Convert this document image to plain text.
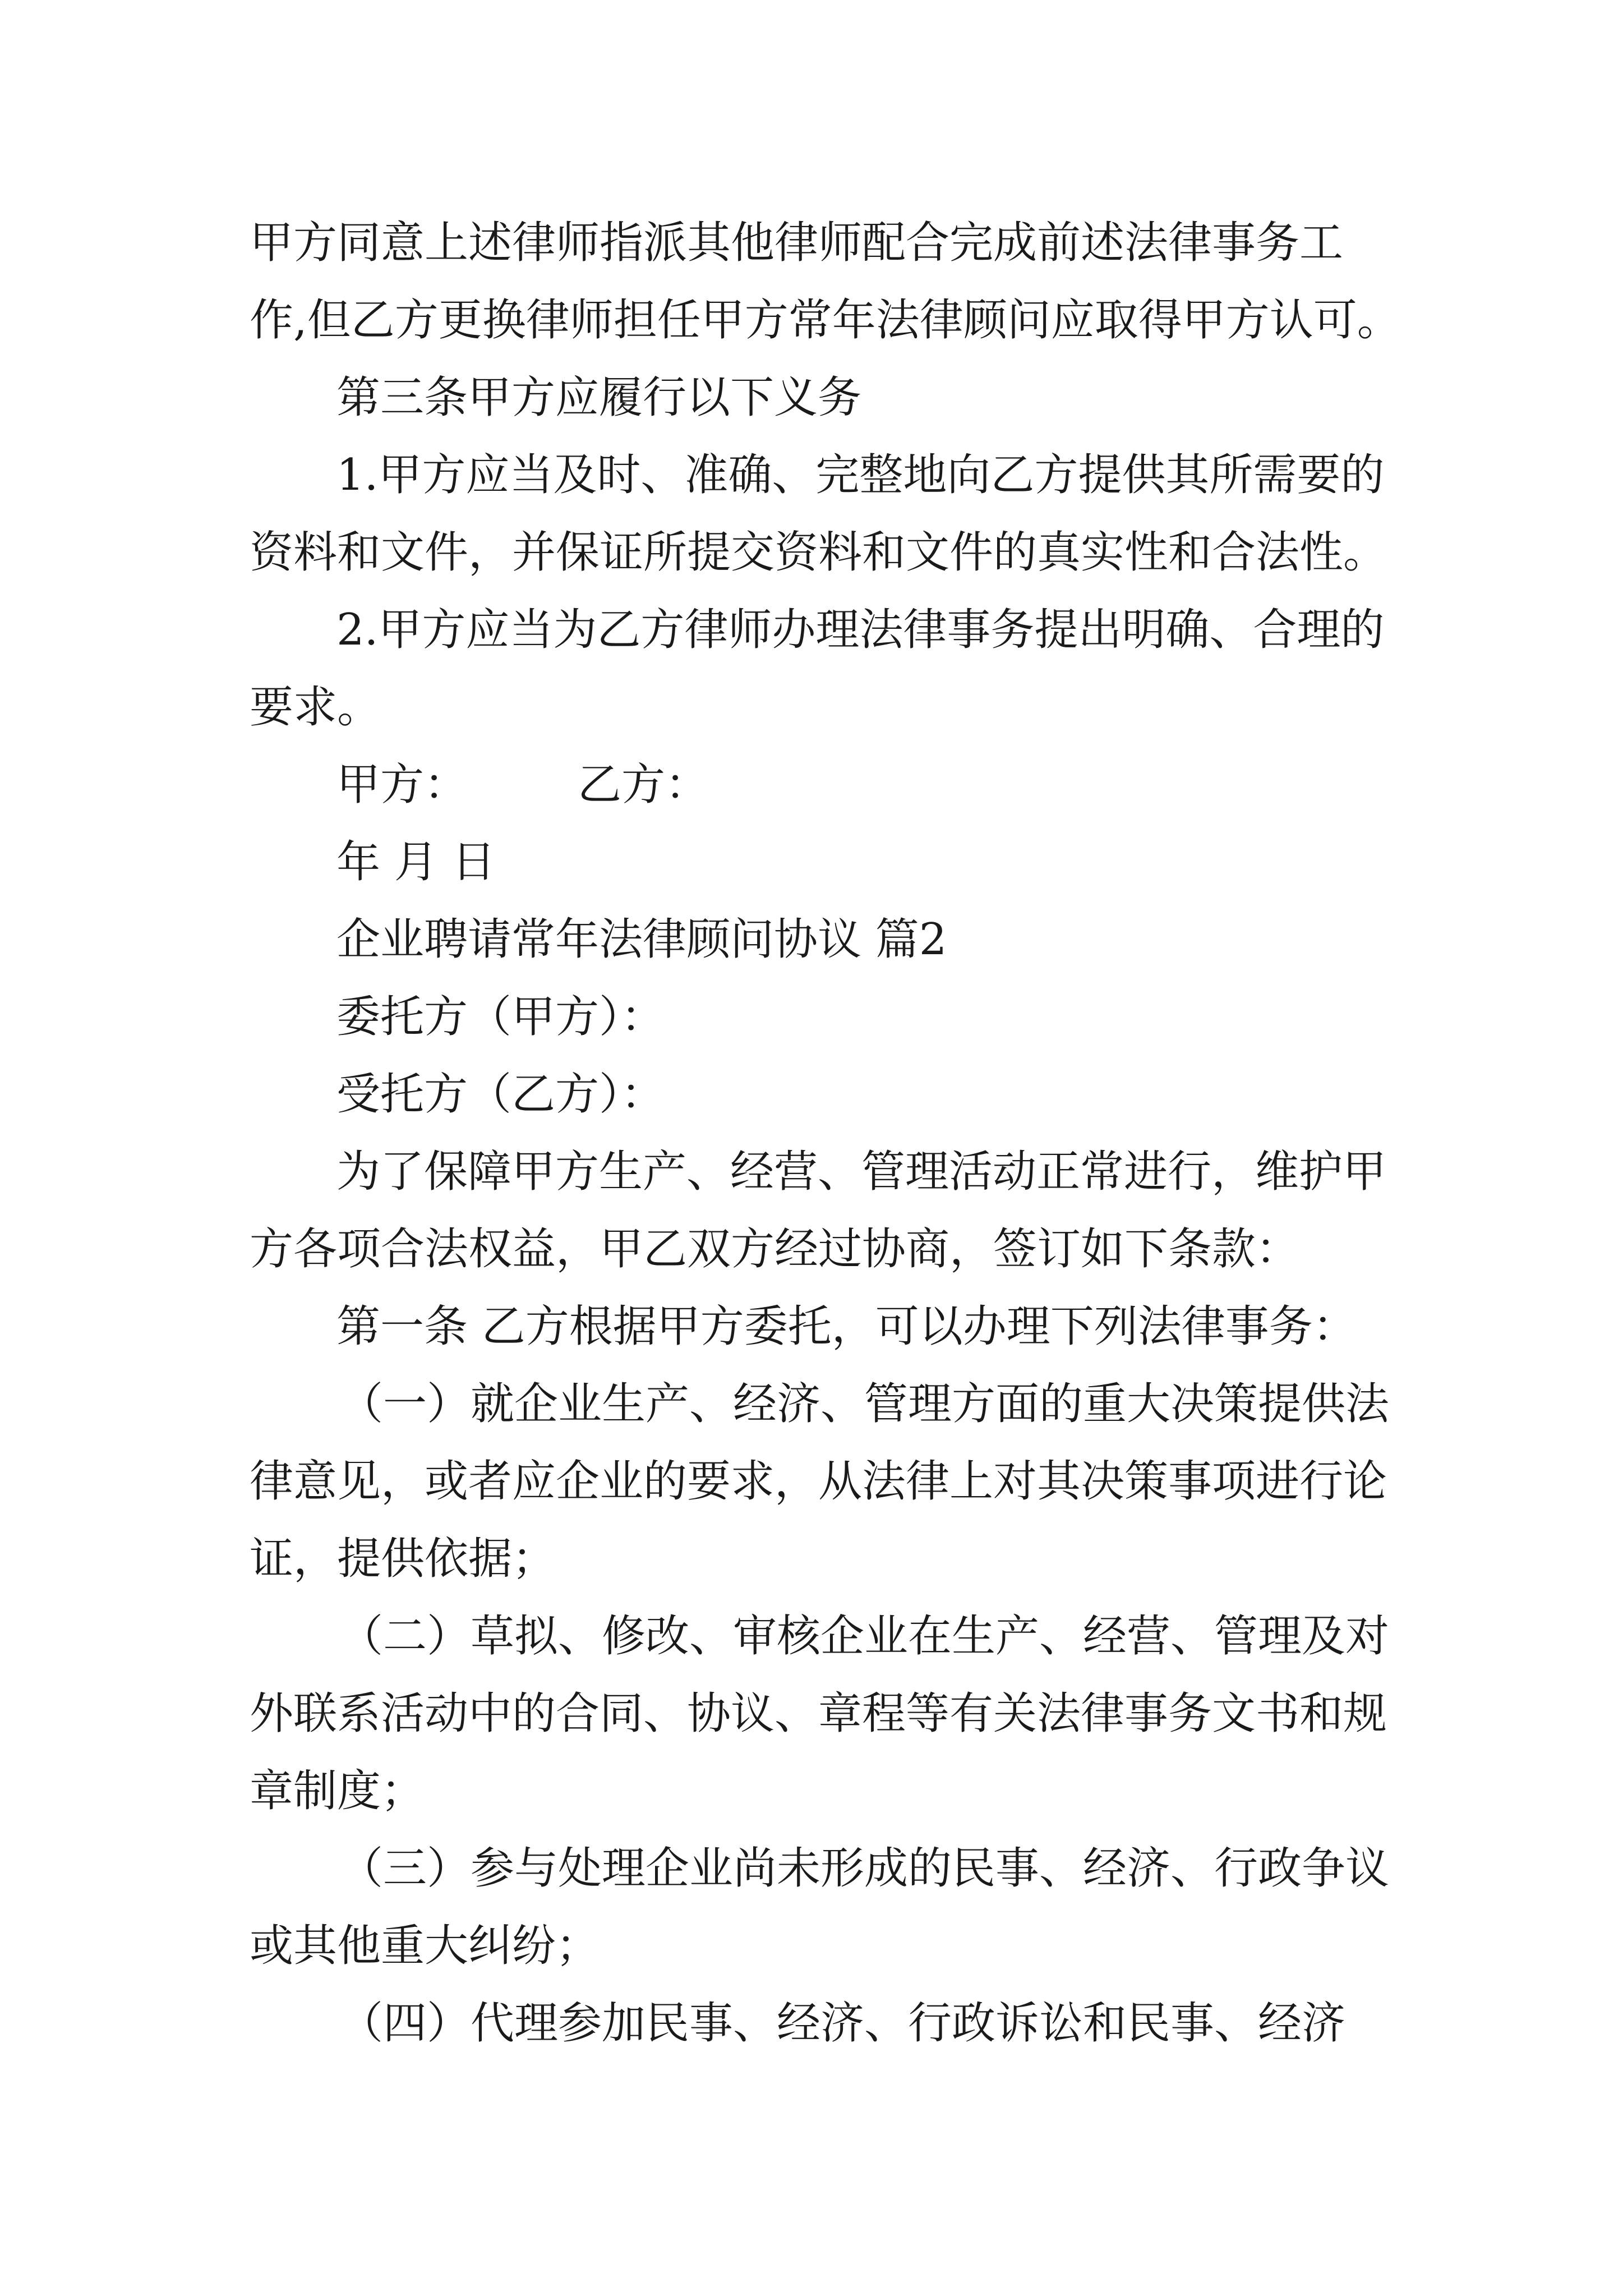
甲方同意上述律师指派其他律师配合完成前述法律事务工
作,但乙方更换律师担任甲方常年法律顾问应取得甲方认可。
第三条甲方应履行以下义务
1.甲方应当及时、准确、完整地向乙方提供其所需要的
资料和文件，并保证所提交资料和文件的真实性和合法性。
2.甲方应当为乙方律师办理法律事务提出明确、合理的
要求。
甲方：	乙方：
年 月 日
企业聘请常年法律顾问协议 篇2
委托方（甲方）：
受托方（乙方）：
为了保障甲方生产、经营、管理活动正常进行，维护甲
方各项合法权益，甲乙双方经过协商，签订如下条款：
第一条 乙方根据甲方委托，可以办理下列法律事务：
（一）就企业生产、经济、管理方面的重大决策提供法
律意见，或者应企业的要求，从法律上对其决策事项进行论
证，提供依据；
（二）草拟、修改、审核企业在生产、经营、管理及对
外联系活动中的合同、协议、章程等有关法律事务文书和规
章制度；
（三）参与处理企业尚未形成的民事、经济、行政争议
或其他重大纠纷；
（四）代理参加民事、经济、行政诉讼和民事、经济
